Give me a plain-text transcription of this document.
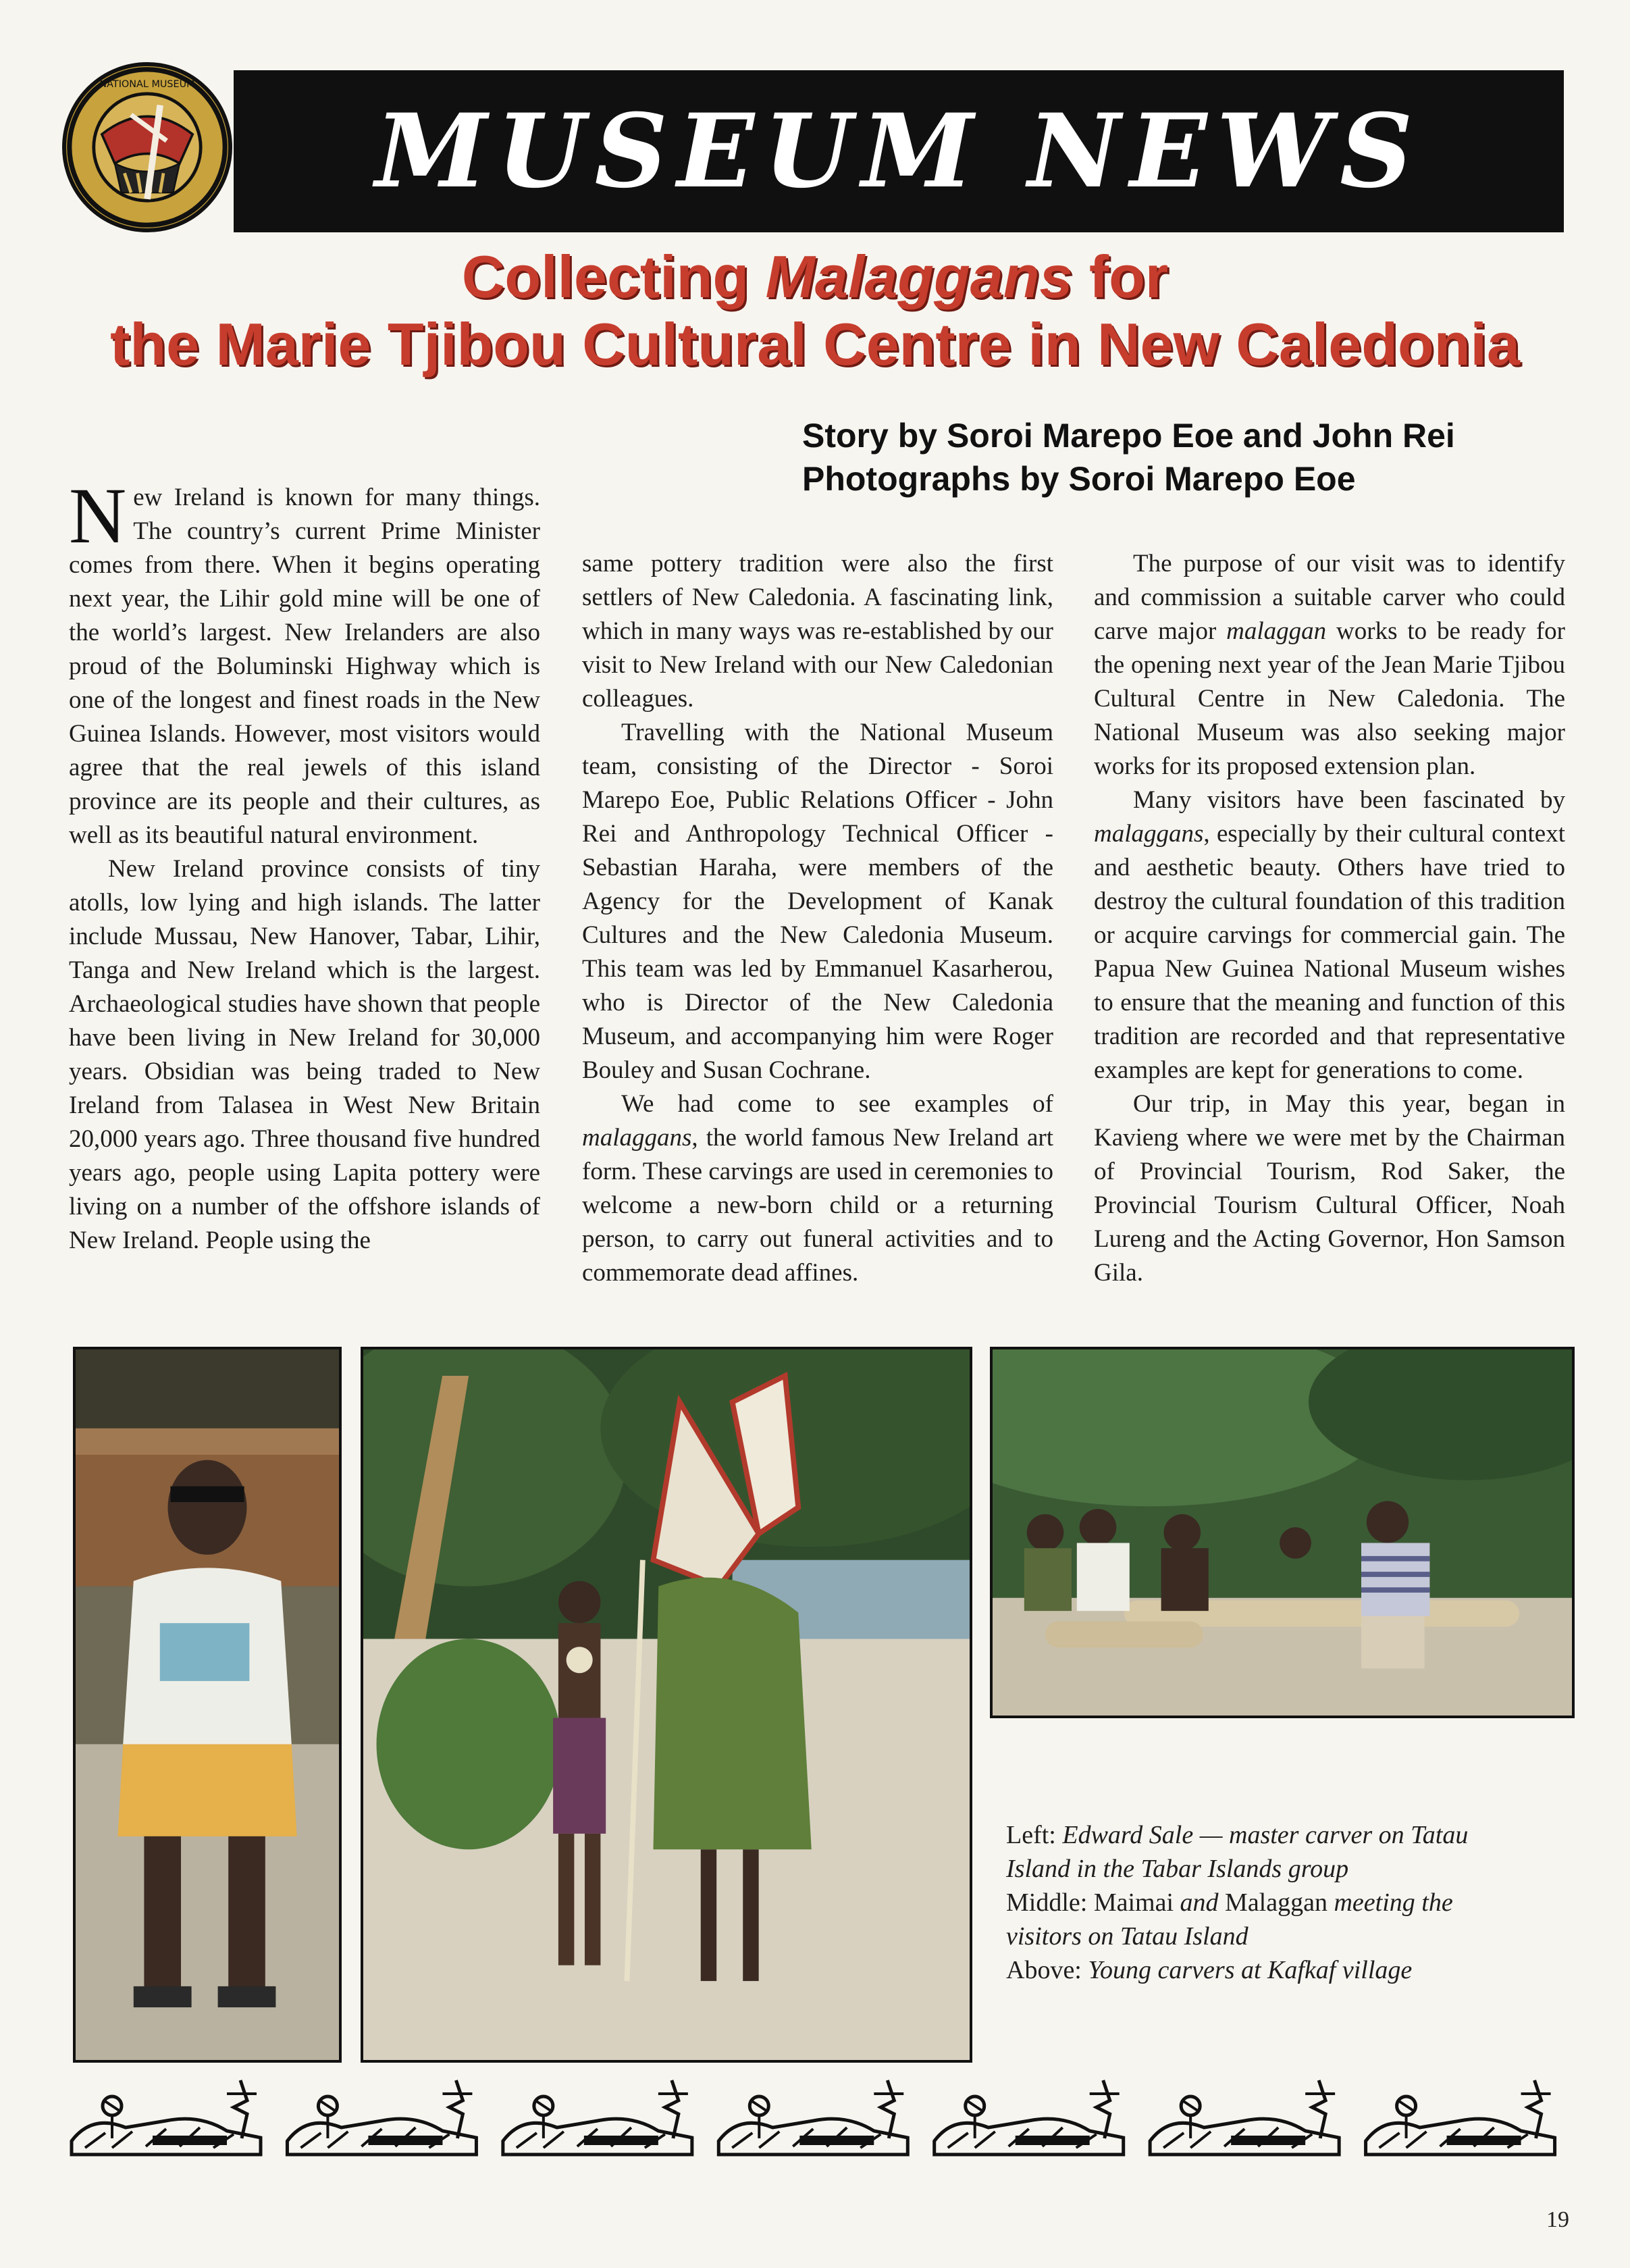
NATIONAL MUSEUM
MUSEUM NEWS
Collecting Malaggans for
the Marie Tjibou Cultural Centre in New Caledonia
Story by Soroi Marepo Eoe and John Rei
Photographs by Soroi Marepo Eoe

New Ireland is known for many things. The country’s current Prime Minister comes from there. When it begins operating next year, the Lihir gold mine will be one of the world’s largest. New Irelanders are also proud of the Boluminski Highway which is one of the longest and finest roads in the New Guinea Islands. However, most visitors would agree that the real jewels of this island province are its people and their cultures, as well as its beautiful natural environment.

New Ireland province consists of tiny atolls, low lying and high islands. The latter include Mussau, New Hanover, Tabar, Lihir, Tanga and New Ireland which is the largest. Archaeological studies have shown that people have been living in New Ireland for 30,000 years. Obsidian was being traded to New Ireland from Talasea in West New Britain 20,000 years ago. Three thousand five hundred years ago, people using Lapita pottery were living on a number of the offshore islands of New Ireland. People using the

same pottery tradition were also the first settlers of New Caledonia. A fascinating link, which in many ways was re-established by our visit to New Ireland with our New Caledonian colleagues.

Travelling with the National Museum team, consisting of the Director - Soroi Marepo Eoe, Public Relations Officer - John Rei and Anthropology Technical Officer - Sebastian Haraha, were members of the Agency for the Development of Kanak Cultures and the New Caledonia Museum. This team was led by Emmanuel Kasarherou, who is Director of the New Caledonia Museum, and accompanying him were Roger Bouley and Susan Cochrane.

We had come to see examples of malaggans, the world famous New Ireland art form. These carvings are used in ceremonies to welcome a new-born child or a returning person, to carry out funeral activities and to commemorate dead affines.

The purpose of our visit was to identify and commission a suitable carver who could carve major malaggan works to be ready for the opening next year of the Jean Marie Tjibou Cultural Centre in New Caledonia. The National Museum was also seeking major works for its proposed extension plan.

Many visitors have been fascinated by malaggans, especially by their cultural context and aesthetic beauty. Others have tried to destroy the cultural foundation of this tradition or acquire carvings for commercial gain. The Papua New Guinea National Museum wishes to ensure that the meaning and function of this tradition are recorded and that representative examples are kept for generations to come.

Our trip, in May this year, began in Kavieng where we were met by the Chairman of Provincial Tourism, Rod Saker, the Provincial Tourism Cultural Officer, Noah Lureng and the Acting Governor, Hon Samson Gila.

Left: Edward Sale — master carver on Tatau
Island in the Tabar Islands group
Middle: Maimai and Malaggan meeting the
visitors on Tatau Island
Above: Young carvers at Kafkaf village
19
